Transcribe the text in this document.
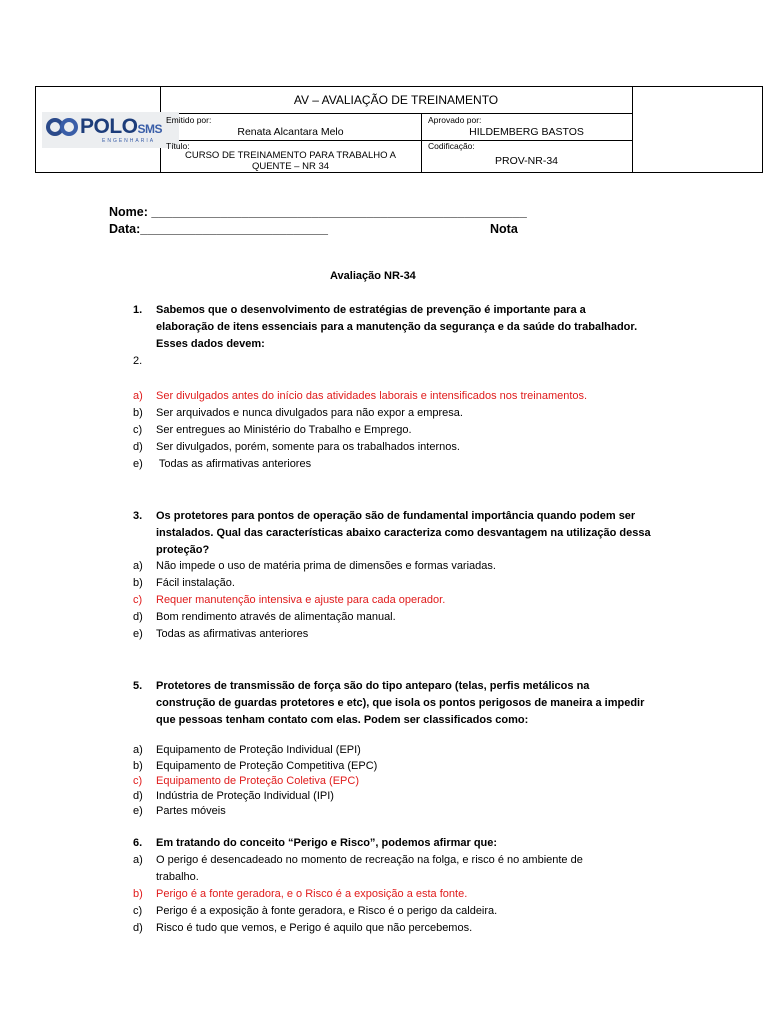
POLOSMS
ENGENHARIA
AV – AVALIAÇÃO DE TREINAMENTO
Emitido por:
Renata Alcantara Melo
Aprovado por:
HILDEMBERG BASTOS
Título:
CURSO DE TREINAMENTO PARA TRABALHO A
QUENTE – NR 34
Codificação:
PROV-NR-34
Nome: ______________________________________________________
Data:___________________________	Nota
Avaliação NR-34
1. Sabemos que o desenvolvimento de estratégias de prevenção é importante para a
elaboração de itens essenciais para a manutenção da segurança e da saúde do trabalhador.
Esses dados devem:
2.
a) Ser divulgados antes do início das atividades laborais e intensificados nos treinamentos.
b) Ser arquivados e nunca divulgados para não expor a empresa.
c) Ser entregues ao Ministério do Trabalho e Emprego.
d) Ser divulgados, porém, somente para os trabalhados internos.
e) Todas as afirmativas anteriores
3. Os protetores para pontos de operação são de fundamental importância quando podem ser
instalados. Qual das características abaixo caracteriza como desvantagem na utilização dessa
proteção?
a) Não impede o uso de matéria prima de dimensões e formas variadas.
b) Fácil instalação.
c) Requer manutenção intensiva e ajuste para cada operador.
d) Bom rendimento através de alimentação manual.
e) Todas as afirmativas anteriores
5. Protetores de transmissão de força são do tipo anteparo (telas, perfis metálicos na
construção de guardas protetores e etc), que isola os pontos perigosos de maneira a impedir
que pessoas tenham contato com elas. Podem ser classificados como:
a) Equipamento de Proteção Individual (EPI)
b) Equipamento de Proteção Competitiva (EPC)
c) Equipamento de Proteção Coletiva (EPC)
d) Indústria de Proteção Individual (IPI)
e) Partes móveis
6. Em tratando do conceito “Perigo e Risco”, podemos afirmar que:
a) O perigo é desencadeado no momento de recreação na folga, e risco é no ambiente de
trabalho.
b) Perigo é a fonte geradora, e o Risco é a exposição a esta fonte.
c) Perigo é a exposição à fonte geradora, e Risco é o perigo da caldeira.
d) Risco é tudo que vemos, e Perigo é aquilo que não percebemos.
